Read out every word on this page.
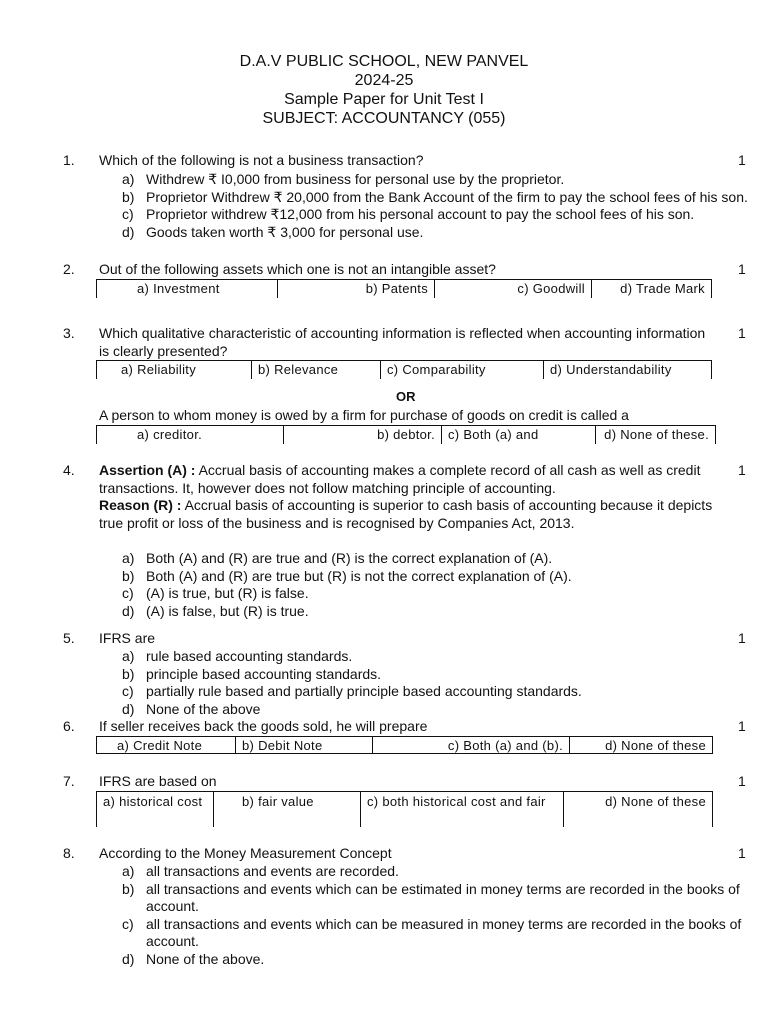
D.A.V PUBLIC SCHOOL, NEW PANVEL
2024-25
Sample Paper for Unit Test I
SUBJECT: ACCOUNTANCY (055)
1. Which of the following is not a business transaction?	1
a) Withdrew ₹ I0,000 from business for personal use by the proprietor.
b) Proprietor Withdrew ₹ 20,000 from the Bank Account of the firm to pay the school fees of his son.
c) Proprietor withdrew ₹12,000 from his personal account to pay the school fees of his son.
d) Goods taken worth ₹ 3,000 for personal use.
2. Out of the following assets which one is not an intangible asset?	1
a) Investment	b) Patents	c) Goodwill	d) Trade Mark
3. Which qualitative characteristic of accounting information is reflected when accounting information is clearly presented?
1
a) Reliability	b) Relevance	c) Comparability	d) Understandability
OR
A person to whom money is owed by a firm for purchase of goods on credit is called a
a) creditor.	b) debtor.	c) Both (a) and	d) None of these.
4. Assertion (A) : Accrual basis of accounting makes a complete record of all cash as well as credit transactions. It, however does not follow matching principle of accounting.
Reason (R) : Accrual basis of accounting is superior to cash basis of accounting because it depicts true profit or loss of the business and is recognised by Companies Act, 2013.
1
a) Both (A) and (R) are true and (R) is the correct explanation of (A).
b) Both (A) and (R) are true but (R) is not the correct explanation of (A).
c) (A) is true, but (R) is false.
d) (A) is false, but (R) is true.
5. IFRS are	1
a) rule based accounting standards.
b) principle based accounting standards.
c) partially rule based and partially principle based accounting standards.
d) None of the above
6. If seller receives back the goods sold, he will prepare	1
a) Credit Note	b) Debit Note	c) Both (a) and (b).	d) None of these
7. IFRS are based on	1
a) historical cost	b) fair value	c) both historical cost and fair	d) None of these
8. According to the Money Measurement Concept	1
a) all transactions and events are recorded.
b) all transactions and events which can be estimated in money terms are recorded in the books of account.
c) all transactions and events which can be measured in money terms are recorded in the books of account.
d) None of the above.
